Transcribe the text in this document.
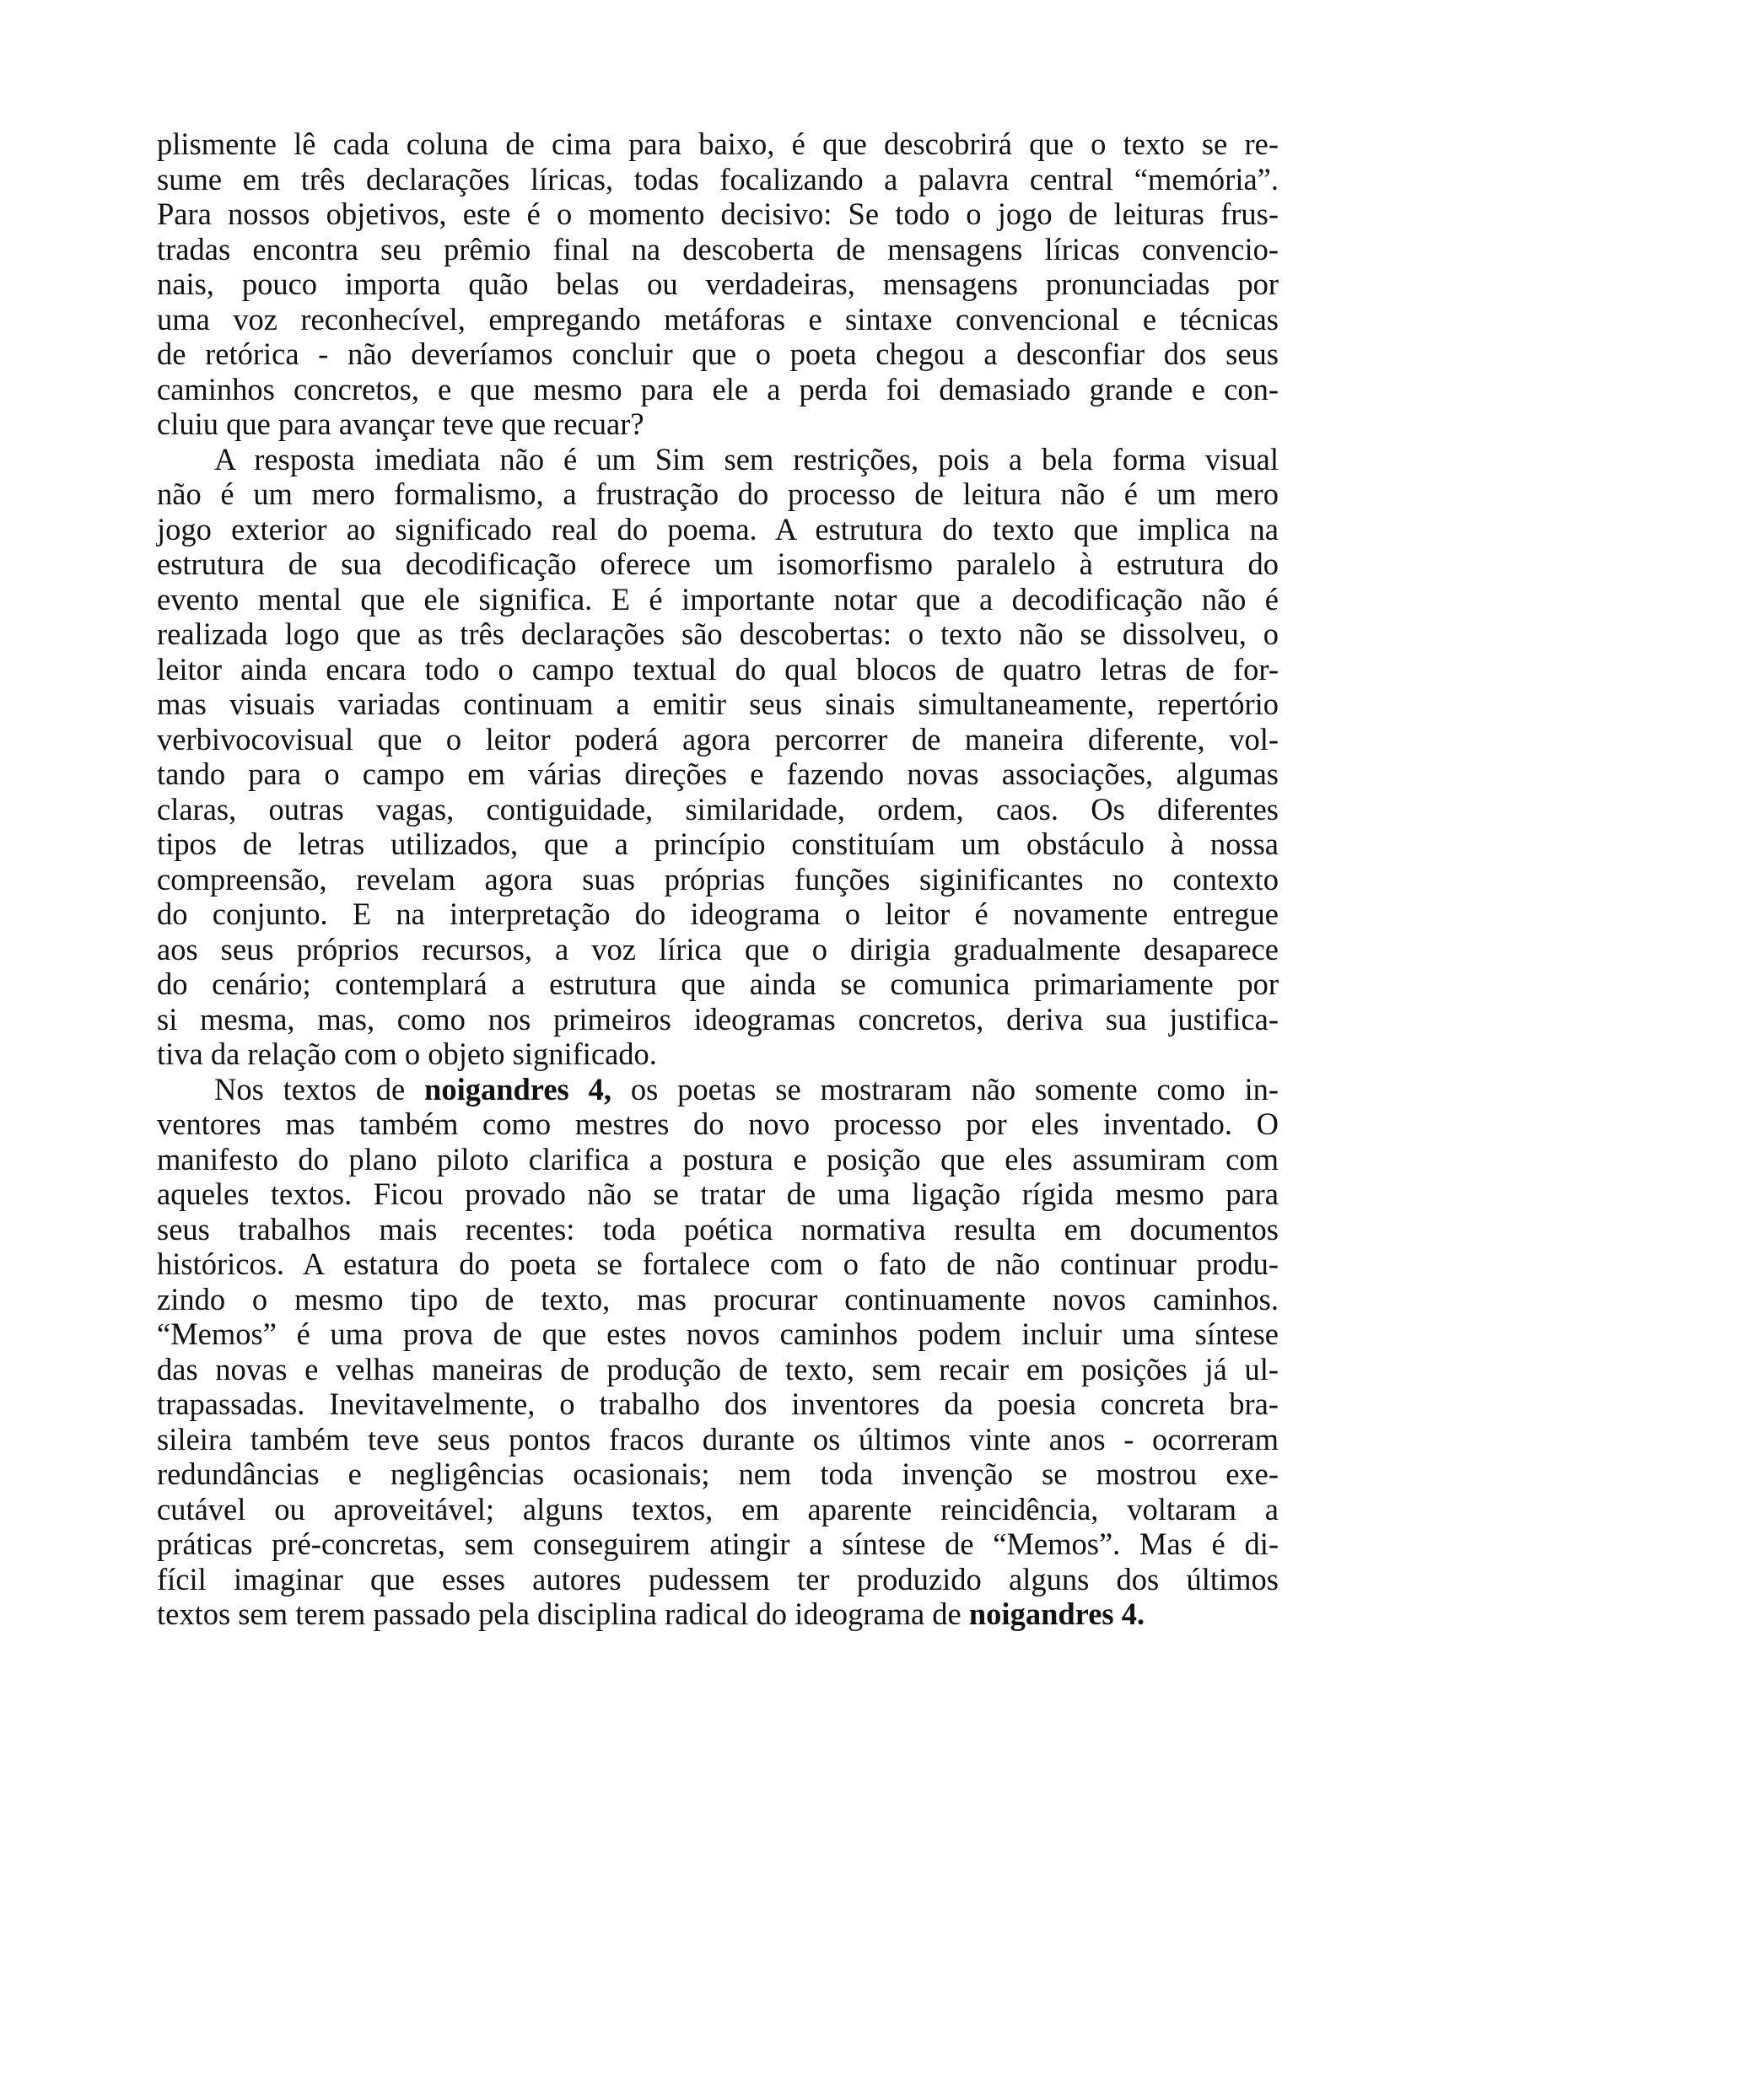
plismente lê cada coluna de cima para baixo, é que descobrirá que o texto se re-
sume em três declarações líricas, todas focalizando a palavra central “memória”.
Para nossos objetivos, este é o momento decisivo: Se todo o jogo de leituras frus-
tradas encontra seu prêmio final na descoberta de mensagens líricas convencio-
nais, pouco importa quão belas ou verdadeiras, mensagens pronunciadas por
uma voz reconhecível, empregando metáforas e sintaxe convencional e técnicas
de retórica - não deveríamos concluir que o poeta chegou a desconfiar dos seus
caminhos concretos, e que mesmo para ele a perda foi demasiado grande e con-
cluiu que para avançar teve que recuar?
A resposta imediata não é um Sim sem restrições, pois a bela forma visual
não é um mero formalismo, a frustração do processo de leitura não é um mero
jogo exterior ao significado real do poema. A estrutura do texto que implica na
estrutura de sua decodificação oferece um isomorfismo paralelo à estrutura do
evento mental que ele significa. E é importante notar que a decodificação não é
realizada logo que as três declarações são descobertas: o texto não se dissolveu, o
leitor ainda encara todo o campo textual do qual blocos de quatro letras de for-
mas visuais variadas continuam a emitir seus sinais simultaneamente, repertório
verbivocovisual que o leitor poderá agora percorrer de maneira diferente, vol-
tando para o campo em várias direções e fazendo novas associações, algumas
claras, outras vagas, contiguidade, similaridade, ordem, caos. Os diferentes
tipos de letras utilizados, que a princípio constituíam um obstáculo à nossa
compreensão, revelam agora suas próprias funções siginificantes no contexto
do conjunto. E na interpretação do ideograma o leitor é novamente entregue
aos seus próprios recursos, a voz lírica que o dirigia gradualmente desaparece
do cenário; contemplará a estrutura que ainda se comunica primariamente por
si mesma, mas, como nos primeiros ideogramas concretos, deriva sua justifica-
tiva da relação com o objeto significado.
Nos textos de noigandres 4, os poetas se mostraram não somente como in-
ventores mas também como mestres do novo processo por eles inventado. O
manifesto do plano piloto clarifica a postura e posição que eles assumiram com
aqueles textos. Ficou provado não se tratar de uma ligação rígida mesmo para
seus trabalhos mais recentes: toda poética normativa resulta em documentos
históricos. A estatura do poeta se fortalece com o fato de não continuar produ-
zindo o mesmo tipo de texto, mas procurar continuamente novos caminhos.
“Memos” é uma prova de que estes novos caminhos podem incluir uma síntese
das novas e velhas maneiras de produção de texto, sem recair em posições já ul-
trapassadas. Inevitavelmente, o trabalho dos inventores da poesia concreta bra-
sileira também teve seus pontos fracos durante os últimos vinte anos - ocorreram
redundâncias e negligências ocasionais; nem toda invenção se mostrou exe-
cutável ou aproveitável; alguns textos, em aparente reincidência, voltaram a
práticas pré-concretas, sem conseguirem atingir a síntese de “Memos”. Mas é di-
fícil imaginar que esses autores pudessem ter produzido alguns dos últimos
textos sem terem passado pela disciplina radical do ideograma de noigandres 4.
